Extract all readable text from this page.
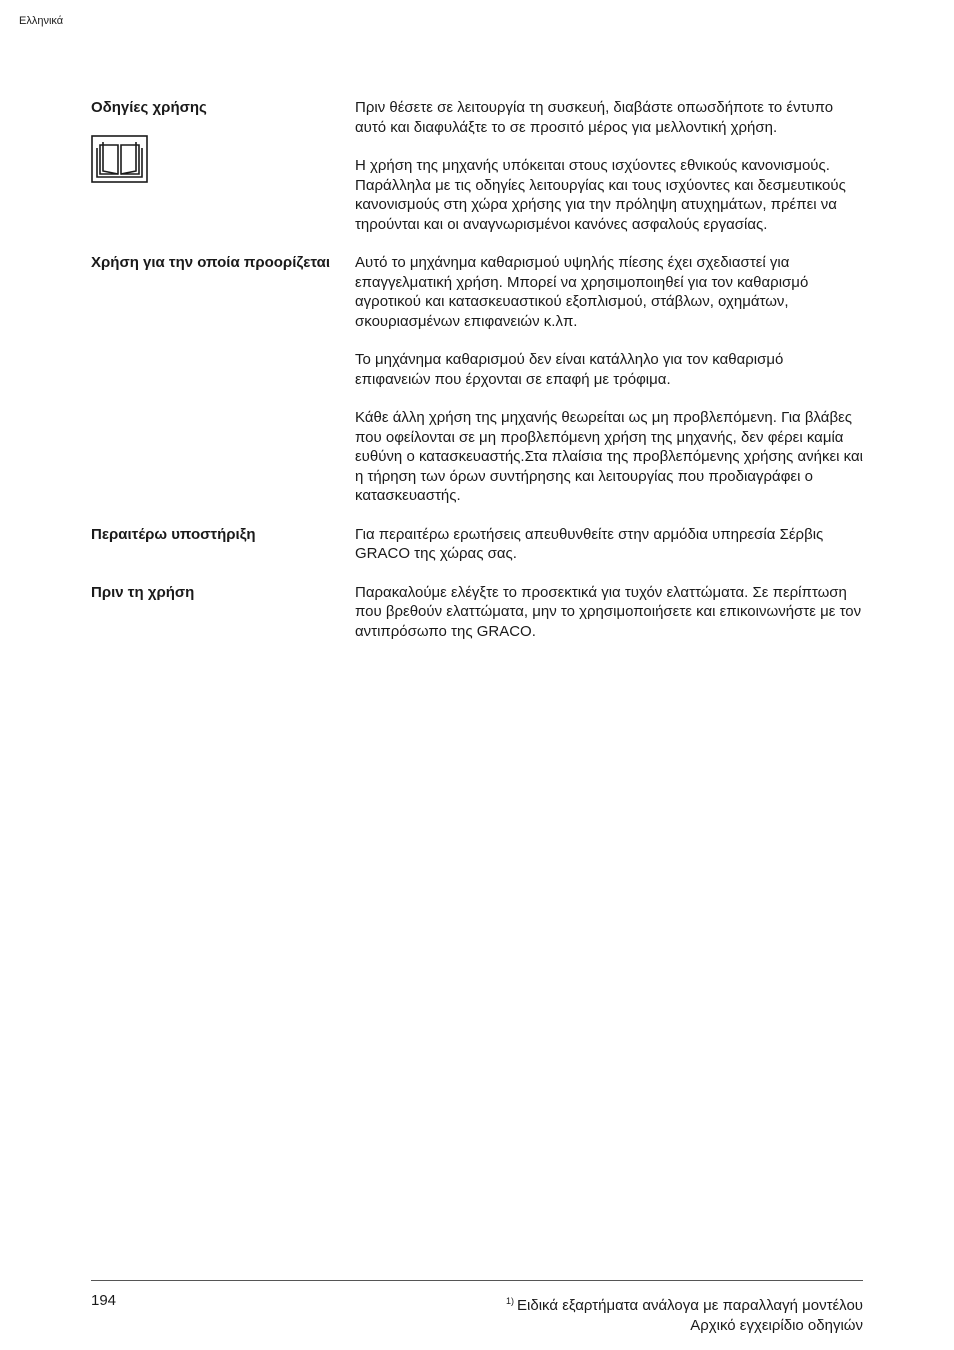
Ελληνικά
Οδηγίες χρήσης	Πριν θέσετε σε λειτουργία τη συσκευή, διαβάστε οπωσδήποτε το έντυπο αυτό και διαφυλάξτε το σε προσιτό μέρος για μελλοντική χρήση.

Η χρήση της μηχανής υπόκειται στους ισχύοντες εθνικούς κανονισμούς. Παράλληλα με τις οδηγίες λειτουργίας και τους ισχύοντες και δεσμευτικούς κανονισμούς στη χώρα χρήσης για την πρόληψη ατυχημάτων, πρέπει να τηρούνται και οι αναγνωρισμένοι κανόνες ασφαλούς εργασίας.

Χρήση για την οποία προορίζεται	Αυτό το μηχάνημα καθαρισμού υψηλής πίεσης έχει σχεδιαστεί για επαγγελματική χρήση. Μπορεί να χρησιμοποιηθεί για τον καθαρισμό αγροτικού και κατασκευαστικού εξοπλισμού, στάβλων, οχημάτων, σκουριασμένων επιφανειών κ.λπ.

Το μηχάνημα καθαρισμού δεν είναι κατάλληλο για τον καθαρισμό επιφανειών που έρχονται σε επαφή με τρόφιμα.

Κάθε άλλη χρήση της μηχανής θεωρείται ως μη προβλεπόμενη. Για βλάβες που οφείλονται σε μη προβλεπόμενη χρήση της μηχανής, δεν φέρει καμία ευθύνη ο κατασκευαστής.Στα πλαίσια της προβλεπόμενης χρήσης ανήκει και η τήρηση των όρων συντήρησης και λειτουργίας που προδιαγράφει ο κατασκευαστής.

Περαιτέρω υποστήριξη	Για περαιτέρω ερωτήσεις απευθυνθείτε στην αρμόδια υπηρεσία Σέρβις GRACO της χώρας σας.

Πριν τη χρήση	Παρακαλούμε ελέγξτε το προσεκτικά για τυχόν ελαττώματα. Σε περίπτωση που βρεθούν ελαττώματα, μην το χρησιμοποιήσετε και επικοινωνήστε με τον αντιπρόσωπο της GRACO.

194	$^{1)}$ Ειδικά εξαρτήματα ανάλογα με παραλλαγή μοντέλου
Αρχικό εγχειρίδιο οδηγιών
